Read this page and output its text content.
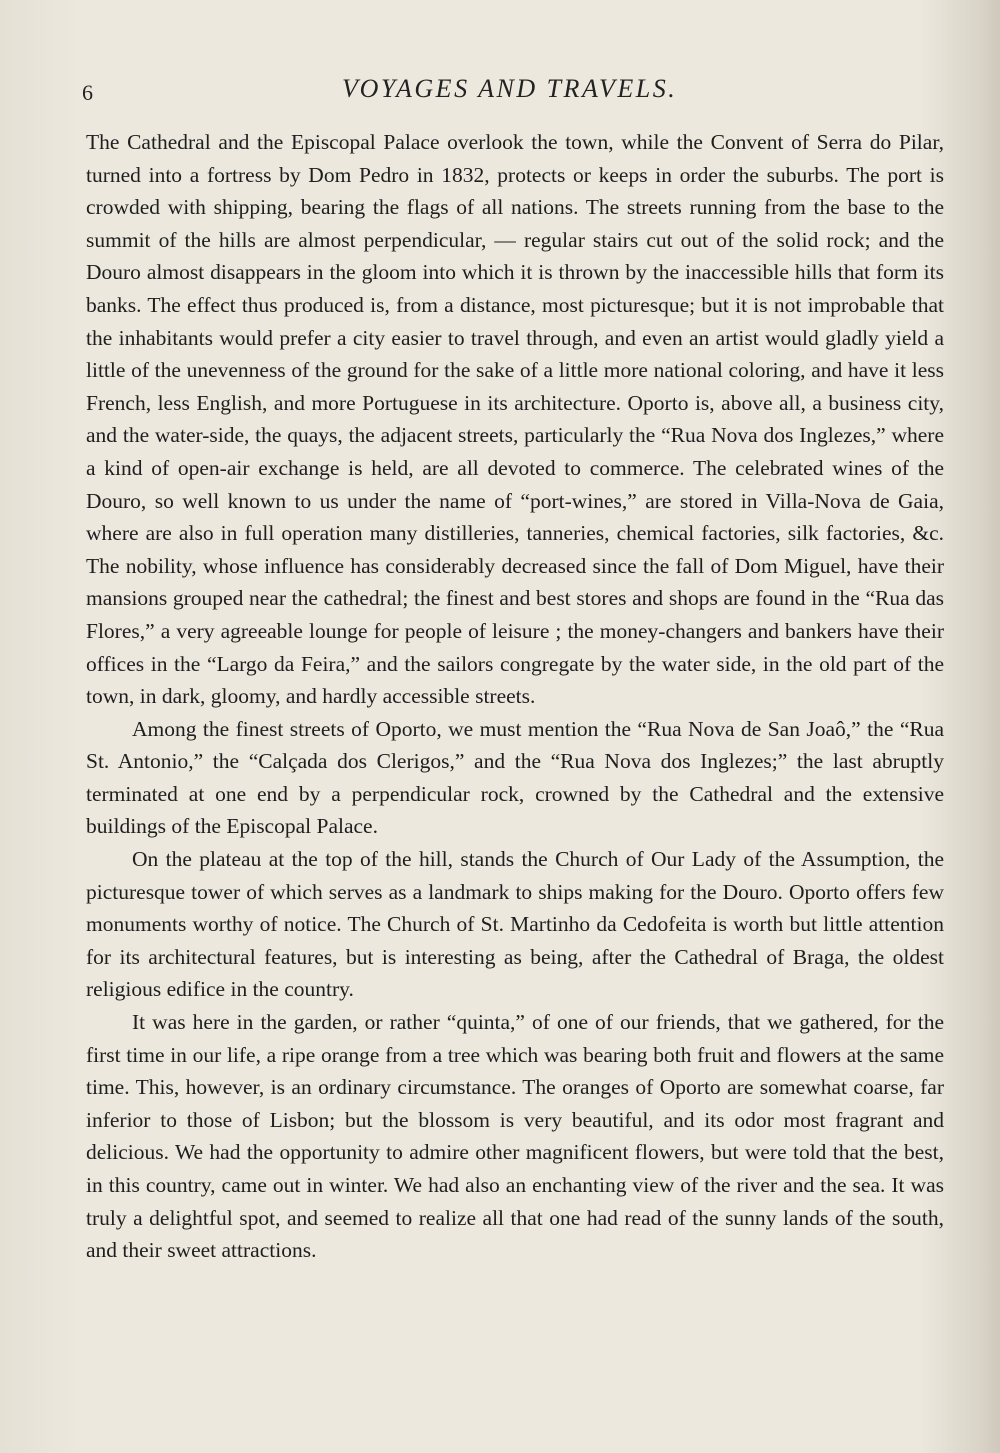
6	VOYAGES AND TRAVELS.

The Cathedral and the Episcopal Palace overlook the town, while the Convent of Serra do Pilar, turned into a fortress by Dom Pedro in 1832, protects or keeps in order the suburbs. The port is crowded with shipping, bearing the flags of all nations. The streets running from the base to the summit of the hills are almost perpendicular, — regular stairs cut out of the solid rock; and the Douro almost disappears in the gloom into which it is thrown by the inaccessible hills that form its banks. The effect thus produced is, from a distance, most picturesque; but it is not improbable that the inhabitants would prefer a city easier to travel through, and even an artist would gladly yield a little of the unevenness of the ground for the sake of a little more national coloring, and have it less French, less English, and more Portuguese in its architecture. Oporto is, above all, a business city, and the water-side, the quays, the adjacent streets, particularly the “Rua Nova dos Inglezes,” where a kind of open-air exchange is held, are all devoted to commerce. The celebrated wines of the Douro, so well known to us under the name of “port-wines,” are stored in Villa-Nova de Gaia, where are also in full operation many distilleries, tanneries, chemical factories, silk factories, &c. The nobility, whose influence has considerably decreased since the fall of Dom Miguel, have their mansions grouped near the cathedral; the finest and best stores and shops are found in the “Rua das Flores,” a very agreeable lounge for people of leisure ; the money-changers and bankers have their offices in the “Largo da Feira,” and the sailors congregate by the water side, in the old part of the town, in dark, gloomy, and hardly accessible streets.

Among the finest streets of Oporto, we must mention the “Rua Nova de San Joaô,” the “Rua St. Antonio,” the “Calçada dos Clerigos,” and the “Rua Nova dos Inglezes;” the last abruptly terminated at one end by a perpendicular rock, crowned by the Cathedral and the extensive buildings of the Episcopal Palace.

On the plateau at the top of the hill, stands the Church of Our Lady of the Assumption, the picturesque tower of which serves as a landmark to ships making for the Douro. Oporto offers few monuments worthy of notice. The Church of St. Martinho da Cedofeita is worth but little attention for its architectural features, but is interesting as being, after the Cathedral of Braga, the oldest religious edifice in the country.

It was here in the garden, or rather “quinta,” of one of our friends, that we gathered, for the first time in our life, a ripe orange from a tree which was bearing both fruit and flowers at the same time. This, however, is an ordinary circumstance. The oranges of Oporto are somewhat coarse, far inferior to those of Lisbon; but the blossom is very beautiful, and its odor most fragrant and delicious. We had the opportunity to admire other magnificent flowers, but were told that the best, in this country, came out in winter. We had also an enchanting view of the river and the sea. It was truly a delightful spot, and seemed to realize all that one had read of the sunny lands of the south, and their sweet attractions.
